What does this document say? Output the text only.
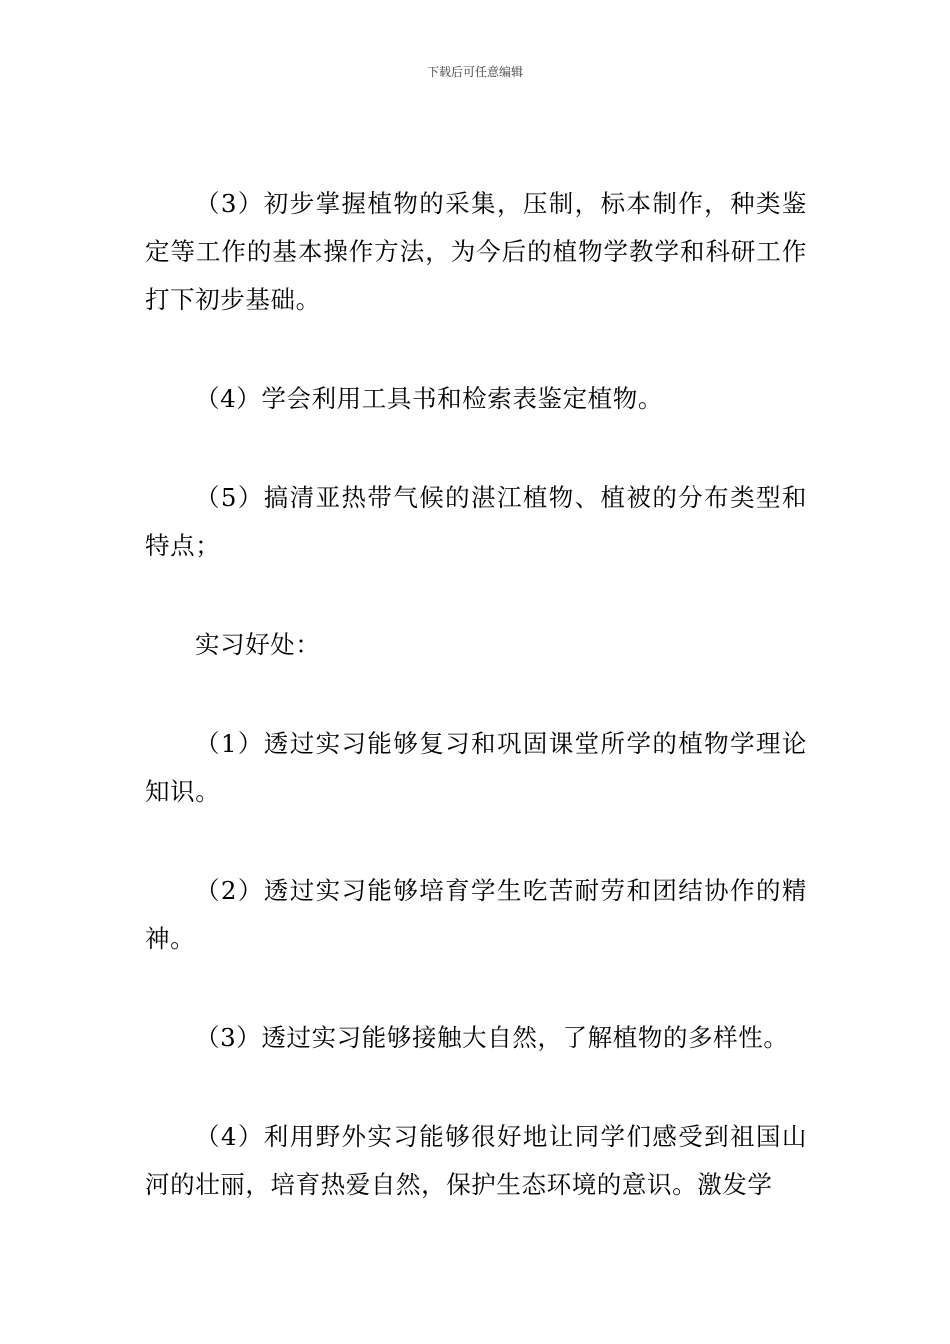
下载后可任意编辑

（3）初步掌握植物的采集，压制，标本制作，种类鉴定等工作的基本操作方法，为今后的植物学教学和科研工作打下初步基础。

（4）学会利用工具书和检索表鉴定植物。

（5）搞清亚热带气候的湛江植物、植被的分布类型和特点；

实习好处：

（1）透过实习能够复习和巩固课堂所学的植物学理论知识。

（2）透过实习能够培育学生吃苦耐劳和团结协作的精神。

（3）透过实习能够接触大自然，了解植物的多样性。

（4）利用野外实习能够很好地让同学们感受到祖国山河的壮丽，培育热爱自然，保护生态环境的意识。激发学
